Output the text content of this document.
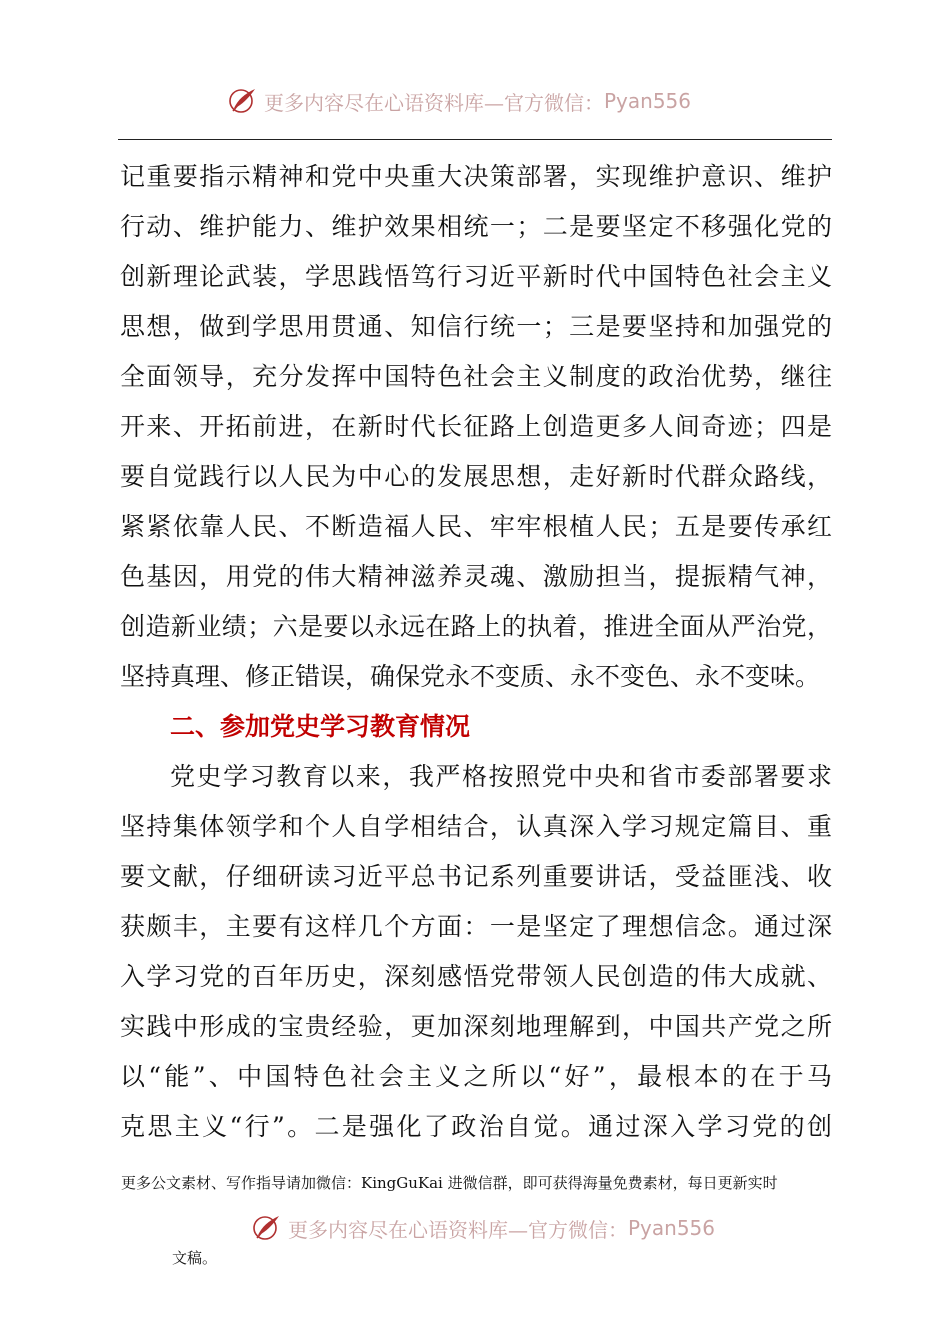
更多内容尽在心语资料库—官方微信： Pyan556
记重要指示精神和党中央重大决策部署，实现维护意识、维护
行动、维护能力、维护效果相统一；二是要坚定不移强化党的
创新理论武装，学思践悟笃行习近平新时代中国特色社会主义
思想，做到学思用贯通、知信行统一；三是要坚持和加强党的
全面领导，充分发挥中国特色社会主义制度的政治优势，继往
开来、开拓前进，在新时代长征路上创造更多人间奇迹；四是
要自觉践行以人民为中心的发展思想，走好新时代群众路线，
紧紧依靠人民、不断造福人民、牢牢根植人民；五是要传承红
色基因，用党的伟大精神滋养灵魂、激励担当，提振精气神，
创造新业绩；六是要以永远在路上的执着，推进全面从严治党，
坚持真理、修正错误，确保党永不变质、永不变色、永不变味。
二、参加党史学习教育情况
党史学习教育以来，我严格按照党中央和省市委部署要求
坚持集体领学和个人自学相结合，认真深入学习规定篇目、重
要文献，仔细研读习近平总书记系列重要讲话，受益匪浅、收
获颇丰，主要有这样几个方面：一是坚定了理想信念。通过深
入学习党的百年历史，深刻感悟党带领人民创造的伟大成就、
实践中形成的宝贵经验，更加深刻地理解到，中国共产党之所
以“能”、中国特色社会主义之所以“好”，最根本的在于马
克思主义“行”。二是强化了政治自觉。通过深入学习党的创
更多公文素材、写作指导请加微信：KingGuKai 进微信群，即可获得海量免费素材，每日更新实时
更多内容尽在心语资料库—官方微信： Pyan556
文稿。
